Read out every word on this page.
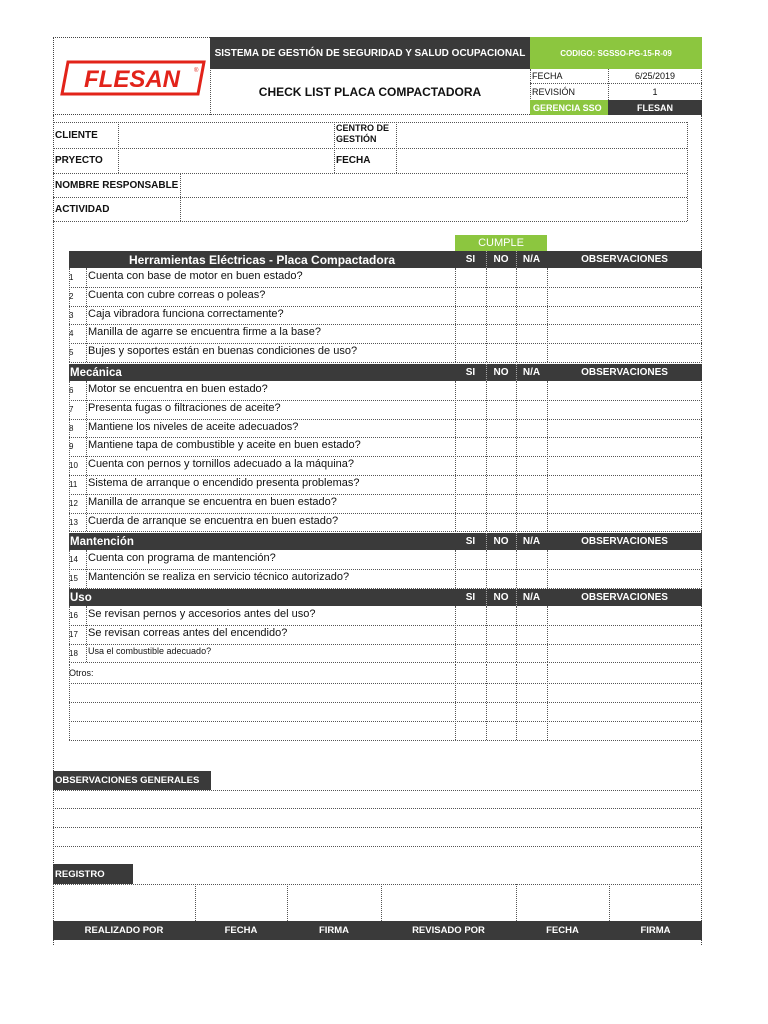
SISTEMA DE GESTIÓN DE SEGURIDAD Y SALUD OCUPACIONAL	CODIGO: SGSSO-PG-15-R-09
FLESAN ®
CHECK LIST PLACA COMPACTADORA
FECHA	6/25/2019
REVISIÓN	1
GERENCIA SSO	FLESAN
CLIENTE
CENTRO DE
GESTIÓN
PRYECTO	FECHA
NOMBRE RESPONSABLE
ACTIVIDAD
CUMPLE
Herramientas Eléctricas - Placa Compactadora	SI	NO	N/A	OBSERVACIONES
1	Cuenta con base de motor en buen estado?
2	Cuenta con cubre correas o poleas?
3	Caja vibradora funciona correctamente?
4	Manilla de agarre se encuentra firme a la base?
5	Bujes y soportes están en buenas condiciones de uso?
Mecánica	SI	NO	N/A	OBSERVACIONES
6	Motor se encuentra en buen estado?
7	Presenta fugas o filtraciones de aceite?
8	Mantiene los niveles de aceite adecuados?
9	Mantiene tapa de combustible y aceite en buen estado?
10 Cuenta con pernos y tornillos adecuado a la máquina?
11 Sistema de arranque o encendido presenta problemas?
12 Manilla de arranque se encuentra en buen estado?
13 Cuerda de arranque se encuentra en buen estado?
Mantención	SI	NO	N/A	OBSERVACIONES
14 Cuenta con programa de mantención?
15 Mantención se realiza en servicio técnico autorizado?
Uso	SI	NO	N/A	OBSERVACIONES
16 Se revisan pernos y accesorios antes del uso?
17 Se revisan correas antes del encendido?
18	Usa el combustible adecuado?
Otros:
OBSERVACIONES GENERALES
REGISTRO
REALIZADO POR	FECHA	FIRMA	REVISADO POR	FECHA	FIRMA
